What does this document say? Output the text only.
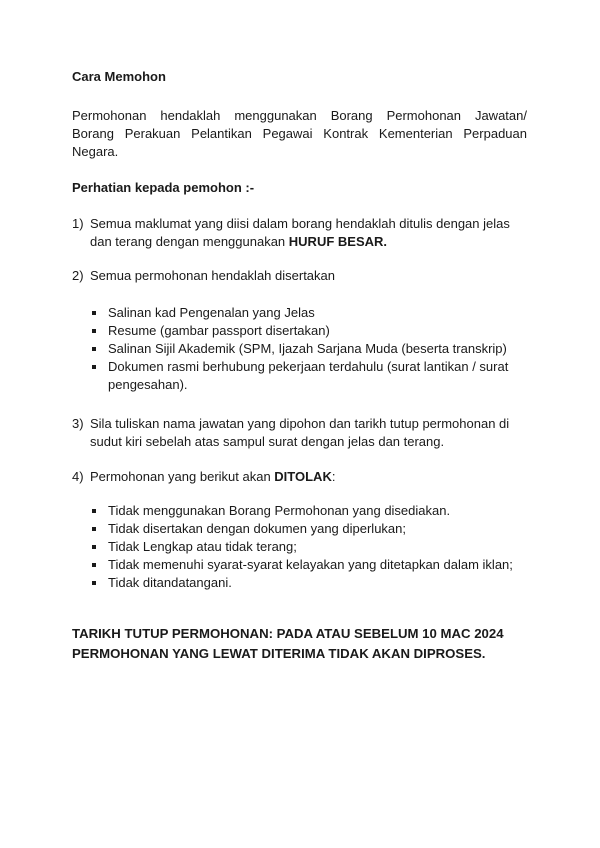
Cara Memohon
Permohonan hendaklah menggunakan Borang Permohonan Jawatan/ Borang Perakuan Pelantikan Pegawai Kontrak Kementerian Perpaduan Negara.
Perhatian kepada pemohon :-
1) Semua maklumat yang diisi dalam borang hendaklah ditulis dengan jelas dan terang dengan menggunakan HURUF BESAR.
2) Semua permohonan hendaklah disertakan
Salinan kad Pengenalan yang Jelas
Resume (gambar passport disertakan)
Salinan Sijil Akademik (SPM, Ijazah Sarjana Muda (beserta transkrip)
Dokumen rasmi berhubung pekerjaan terdahulu (surat lantikan / surat pengesahan).
3) Sila tuliskan nama jawatan yang dipohon dan tarikh tutup permohonan di sudut kiri sebelah atas sampul surat dengan jelas dan terang.
4) Permohonan yang berikut akan DITOLAK:
Tidak menggunakan Borang Permohonan yang disediakan.
Tidak disertakan dengan dokumen yang diperlukan;
Tidak Lengkap atau tidak terang;
Tidak memenuhi syarat-syarat kelayakan yang ditetapkan dalam iklan;
Tidak ditandatangani.
TARIKH TUTUP PERMOHONAN: PADA ATAU SEBELUM 10 MAC 2024
PERMOHONAN YANG LEWAT DITERIMA TIDAK AKAN DIPROSES.
